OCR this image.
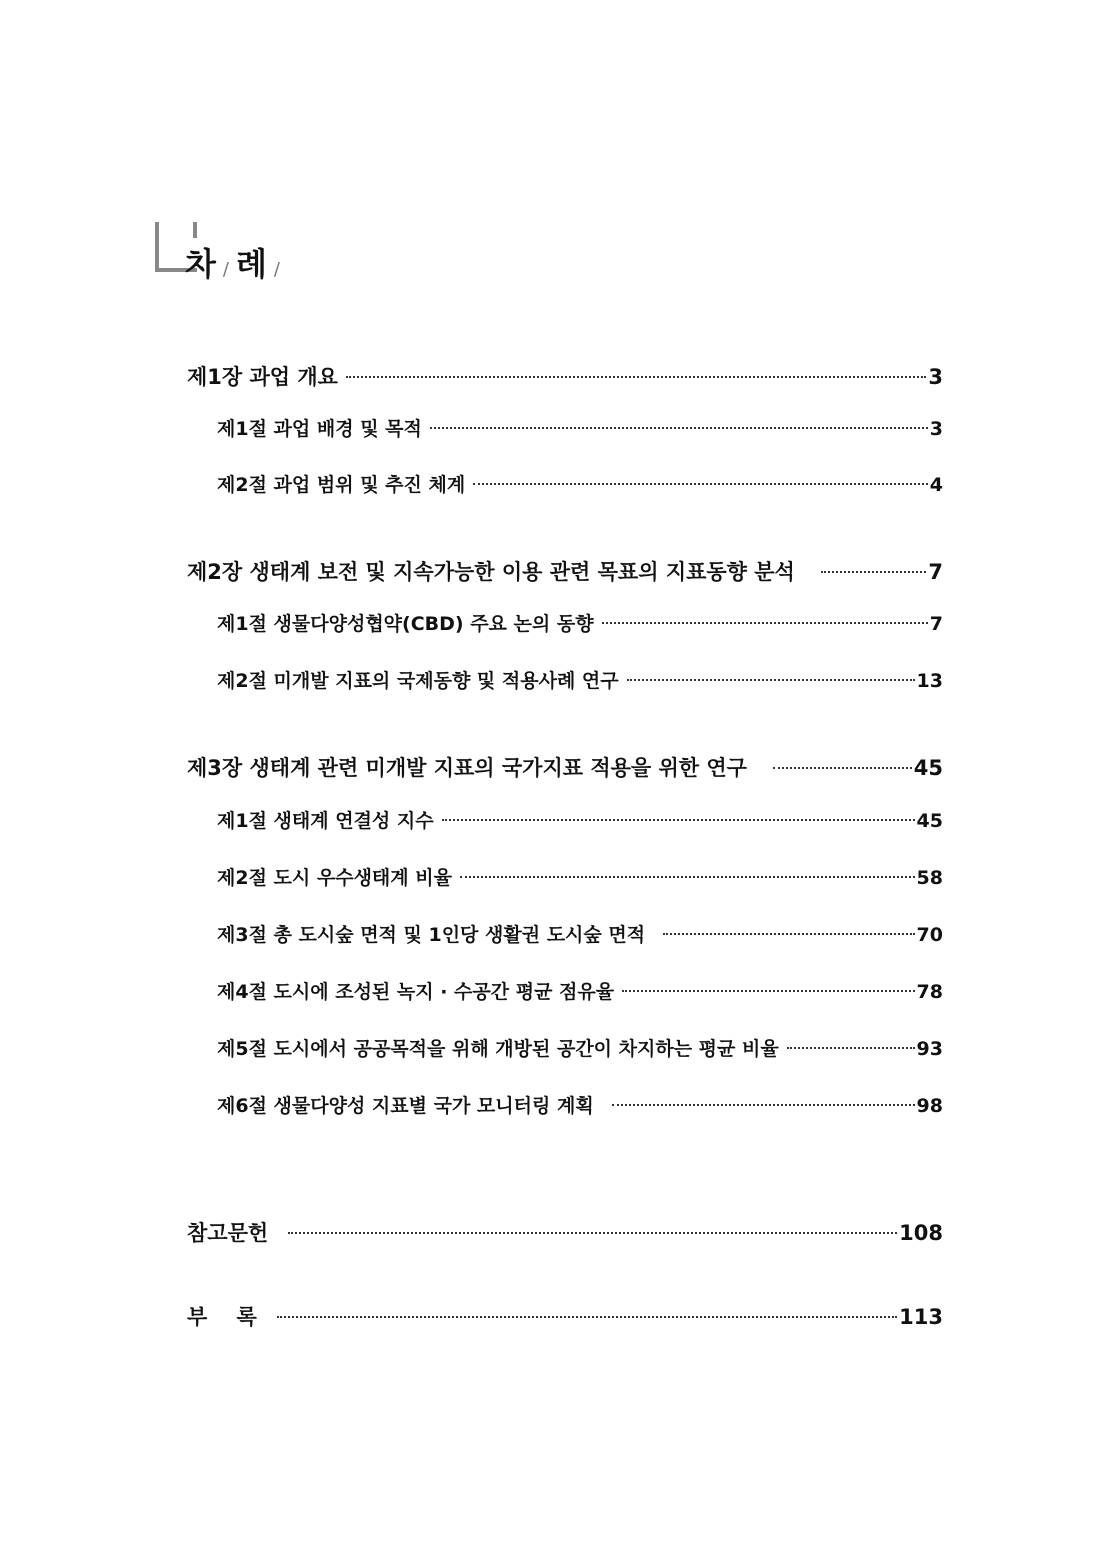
차 / 례 /
제1장 과업 개요	3
제1절 과업 배경 및 목적	3
제2절 과업 범위 및 추진 체계	4
제2장 생태계 보전 및 지속가능한 이용 관련 목표의 지표동향 분석	7
제1절 생물다양성협약(CBD) 주요 논의 동향	7
제2절 미개발 지표의 국제동향 및 적용사례 연구	13
제3장 생태계 관련 미개발 지표의 국가지표 적용을 위한 연구	45
제1절 생태계 연결성 지수	45
제2절 도시 우수생태계 비율	58
제3절 총 도시숲 면적 및 1인당 생활권 도시숲 면적	70
제4절 도시에 조성된 녹지 · 수공간 평균 점유율	78
제5절 도시에서 공공목적을 위해 개방된 공간이 차지하는 평균 비율	93
제6절 생물다양성 지표별 국가 모니터링 계획	98
참고문헌	108
부    록	113
